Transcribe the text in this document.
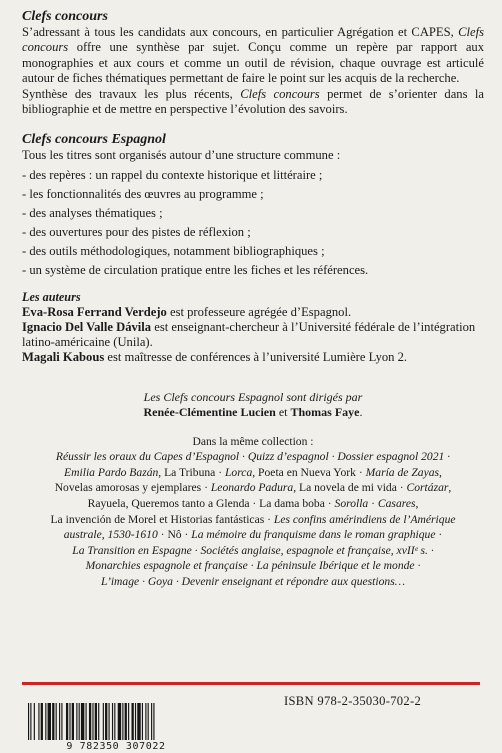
Clefs concours

S’adressant à tous les candidats aux concours, en particulier Agrégation et CAPES, Clefs concours offre une synthèse par sujet. Conçu comme un repère par rapport aux monographies et aux cours et comme un outil de révision, chaque ouvrage est articulé autour de fiches thématiques permettant de faire le point sur les acquis de la recherche.

Synthèse des travaux les plus récents, Clefs concours permet de s’orienter dans la bibliographie et de mettre en perspective l’évolution des savoirs.

Clefs concours Espagnol

Tous les titres sont organisés autour d’une structure commune :

- des repères : un rappel du contexte historique et littéraire ;
- les fonctionnalités des œuvres au programme ;
- des analyses thématiques ;
- des ouvertures pour des pistes de réflexion ;
- des outils méthodologiques, notamment bibliographiques ;
- un système de circulation pratique entre les fiches et les références.
Les auteurs

Eva-Rosa Ferrand Verdejo est professeure agrégée d’Espagnol.

Ignacio Del Valle Dávila est enseignant-chercheur à l’Université fédérale de l’intégration latino-américaine (Unila).

Magali Kabous est maîtresse de conférences à l’université Lumière Lyon 2.

Les Clefs concours Espagnol sont dirigés par
Renée-Clémentine Lucien et Thomas Faye.
Dans la même collection :
Réussir les oraux du Capes d’Espagnol · Quizz d’espagnol · Dossier espagnol 2021 ·
Emilia Pardo Bazán, La Tribuna · Lorca, Poeta en Nueva York · María de Zayas,
Novelas amorosas y ejemplares · Leonardo Padura, La novela de mi vida · Cortázar,
Rayuela, Queremos tanto a Glenda · La dama boba · Sorolla · Casares,
La invención de Morel et Historias fantásticas · Les confins amérindiens de l’Amérique
australe, 1530-1610 · Nô · La mémoire du franquisme dans le roman graphique ·
La Transition en Espagne · Sociétés anglaise, espagnole et française, xvIIᵉ s. ·
Monarchies espagnole et française · La péninsule Ibérique et le monde ·
L’image · Goya · Devenir enseignant et répondre aux questions…
ISBN 978-2-35030-702-2
9 782350 307022
